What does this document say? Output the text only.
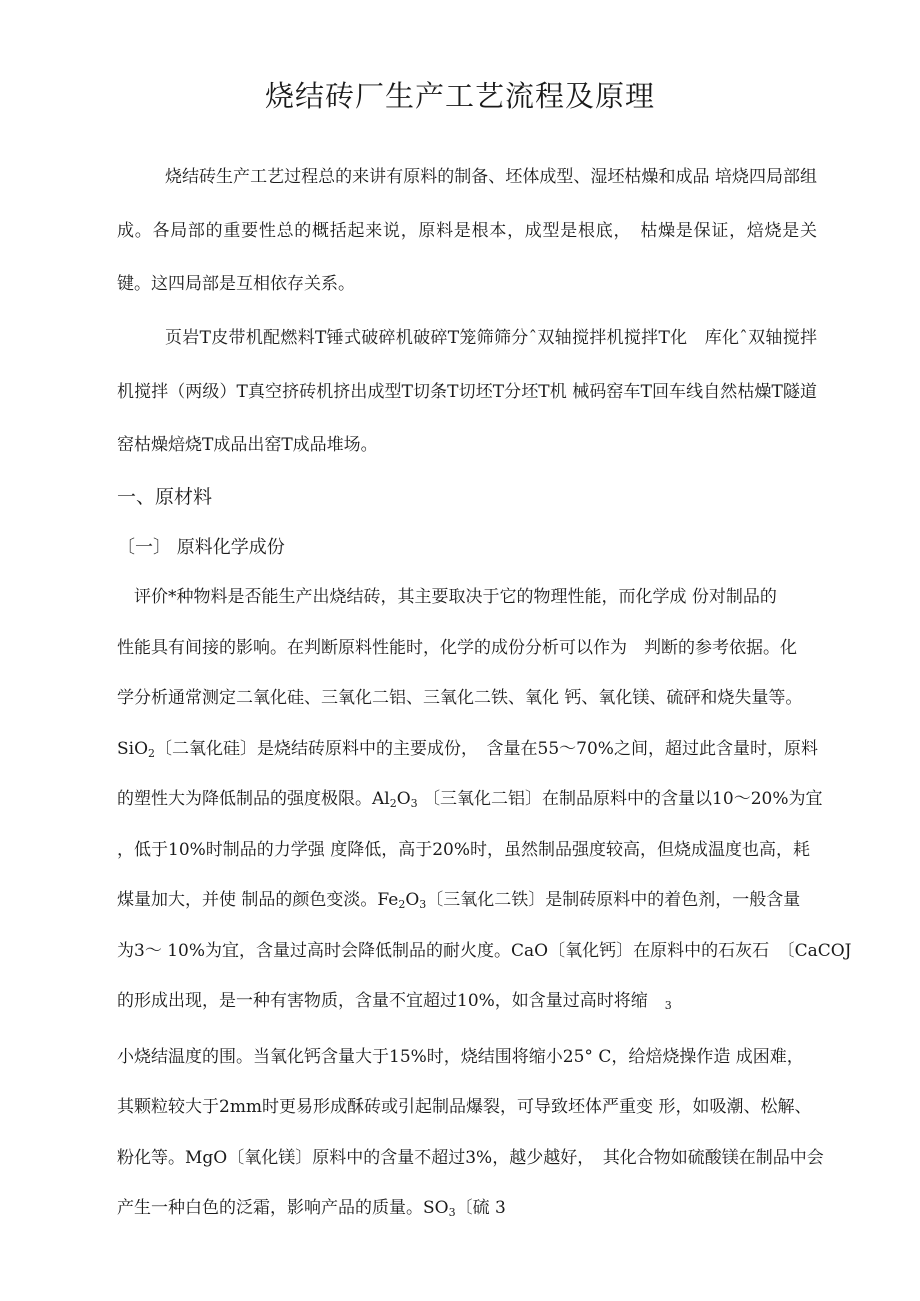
烧结砖厂生产工艺流程及原理

烧结砖生产工艺过程总的来讲有原料的制备、坯体成型、湿坯枯燥和成品 培烧四局部组成。各局部的重要性总的概括起来说，原料是根本，成型是根底，　枯燥是保证，焙烧是关键。这四局部是互相依存关系。

页岩T皮带机配燃料T锤式破碎机破碎T笼筛筛分ˆ双轴搅拌机搅拌T化　库化ˆ双轴搅拌机搅拌（两级）T真空挤砖机挤出成型T切条T切坯T分坯T机 械码窑车T回车线自然枯燥T隧道窑枯燥焙烧T成品出窑T成品堆场。

一、原材料
〔一〕 原料化学成份
　评价*种物料是否能生产出烧结砖，其主要取决于它的物理性能，而化学成 份对制品的
性能具有间接的影响。在判断原料性能时，化学的成份分析可以作为　判断的参考依据。化
学分析通常测定二氧化硅、三氧化二铝、三氧化二铁、氧化 钙、氧化镁、硫砰和烧失量等。
SiO$_2$〔二氧化硅〕是烧结砖原料中的主要成份，　含量在55～70%之间，超过此含量时，原料
的塑性大为降低制品的强度极限。$Al_2O_3$ 〔三氧化二铝〕在制品原料中的含量以10～20%为宜
，低于10%时制品的力学强 度降低，高于20%时，虽然制品强度较高，但烧成温度也高，耗
煤量加大，并使 制品的颜色变淡。$Fe_2O_3$〔三氧化二铁〕是制砖原料中的着色剂，一般含量
为3～ 10%为宜，含量过高时会降低制品的耐火度。CaO〔氧化钙〕在原料中的石灰石　〔CaCOJ
的形成出现，是一种有害物质，含量不宜超过10%，如含量过高时将缩　 3
小烧结温度的围。当氧化钙含量大于15%时，烧结围将缩小25° C，给焙烧操作造 成困难，
其颗粒较大于2mm时更易形成酥砖或引起制品爆裂，可导致坯体严重变 形，如吸潮、松解、
粉化等。MgO〔氧化镁〕原料中的含量不超过3%，越少越好，　其化合物如硫酸镁在制品中会
产生一种白色的泛霜，影响产品的质量。$SO_3$〔硫 3
